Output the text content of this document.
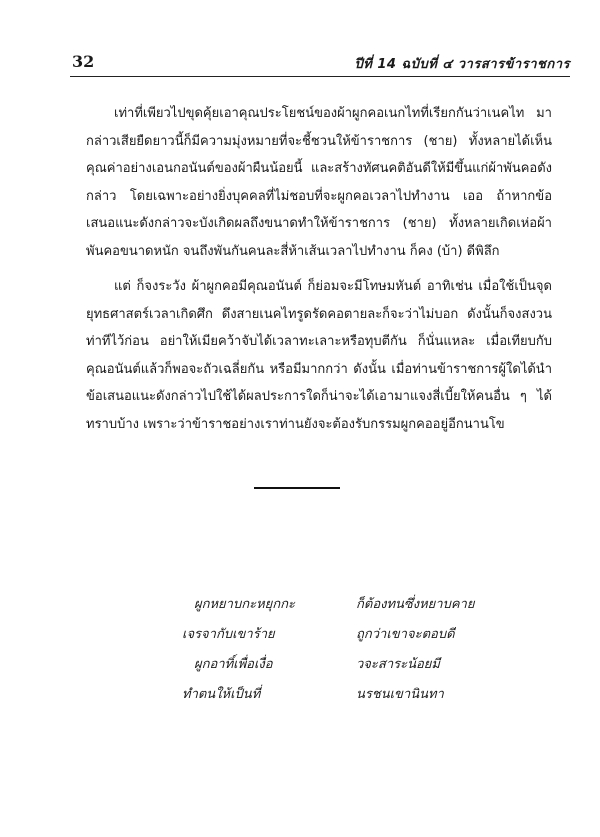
32	ปีที่ 14 ฉบับที่ ๔ วารสารข้าราชการ

เท่าที่เพียวไปขุดคุ้ยเอาคุณประโยชน์ของผ้าผูกคอเนกไทที่เรียกกันว่าเนคไท มากล่าวเสียยืดยาวนี้ก็มีความมุ่งหมายที่จะชี้ชวนให้ข้าราชการ (ชาย) ทั้งหลายได้เห็นคุณค่าอย่างเอนกอนันต์ของผ้าผืนน้อยนี้ และสร้างทัศนคติอันดีให้มีขึ้นแก่ผ้าพันคอดังกล่าว โดยเฉพาะอย่างยิ่งบุคคลที่ไม่ชอบที่จะผูกคอเวลาไปทำงาน เออ ถ้าหากข้อเสนอแนะดังกล่าวจะบังเกิดผลถึงขนาดทำให้ข้าราชการ (ชาย) ทั้งหลายเกิดเห่อผ้าพันคอขนาดหนัก จนถึงพันกันคนละสี่ห้าเส้นเวลาไปทำงาน ก็คง (บ้า) ดีพิลึก

แต่ ก็จงระวัง ผ้าผูกคอมีคุณอนันต์ ก็ย่อมจะมีโทษมหันต์ อาทิเช่น เมื่อใช้เป็นจุดยุทธศาสตร์เวลาเกิดศึก ดึงสายเนคไทรูดรัดคอตายละก็จะว่าไม่บอก ดังนั้นก็จงสงวนท่าทีไว้ก่อน อย่าให้เมียคว้าจับได้เวลาทะเลาะหรือทุบตีกัน ก็นั่นแหละ เมื่อเทียบกับคุณอนันต์แล้วก็พอจะถัวเฉลี่ยกัน หรือมีมากกว่า ดังนั้น เมื่อท่านข้าราชการผู้ใดได้นำข้อเสนอแนะดังกล่าวไปใช้ได้ผลประการใดก็น่าจะได้เอามาแจงสี่เบี้ยให้คนอื่น ๆ ได้ทราบบ้าง เพราะว่าข้าราชอย่างเราท่านยังจะต้องรับกรรมผูกคออยู่อีกนานโข

ผูกหยาบกะหยุกกะ	ก็ต้องทนซึ่งหยาบคาย
เจรจากับเขาร้าย	ถูกว่าเขาจะตอบดี
ผูกอาทิ์เพื่อเงื่อ	วจะสาระน้อยมี
ทำตนให้เป็นที่	นรชนเขานินทา
